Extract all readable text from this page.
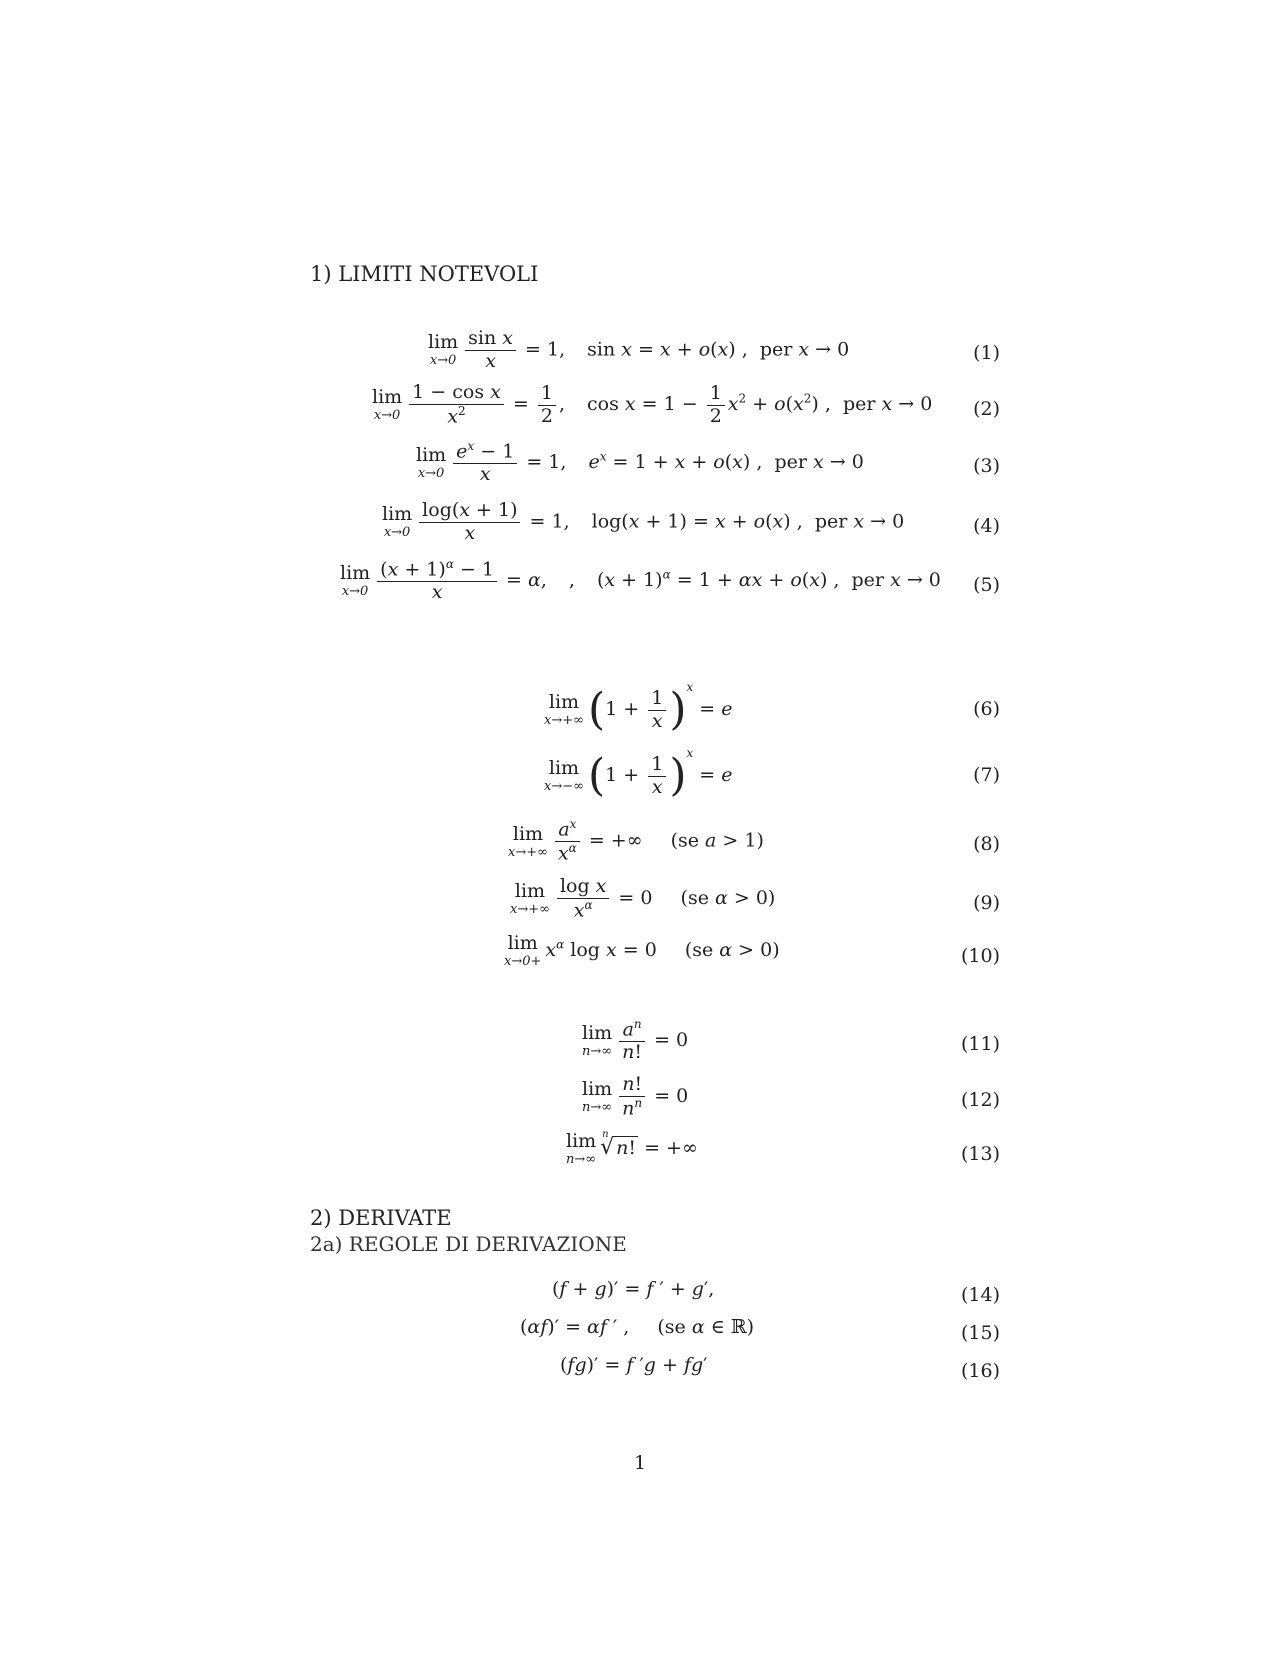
1) LIMITI NOTEVOLI
lim
$x\to 0 \frac{\text{sin x}}{x} = 1$, sin x = x + o(x) ,  per x → 0	(1)
lim
$x\to 0 \frac{\text{1 − cos x}}{x^2} = \frac{1}{2}$ , $\cos x = 1 - \frac{1}{2} x^2 + o(x^2)$ ,  per x → 0 (2)
lim
$x\to 0 \frac{e^x - 1}{x} = 1$, $e^x = 1 + x + o(x)$ ,  per x → 0	(3)
lim
$x\to 0 \frac{\log(x + 1)}{x} = 1$, log(x + 1) = x + o(x) ,  per x → 0	(4)
lim
$x\to 0 \frac{(x + 1)^\alpha - 1}{x} = \alpha$, , $(x + 1)^\alpha = 1 + \alpha x + o(x)$ ,  per x → 0 (5)
lim
x→+∞ $(1 + \frac{1}{x} )^x = e$	(6)
lim
x→−∞ $(1 + \frac{1}{x} )^x = e$	(7)
lim
$x\to+\infty \frac{a^x}{x^\alpha}$ = +∞ (se a > 1)	(8)
lim
$x\to+\infty \frac{\text{log x}}{x^\alpha} = 0$ (se α > 0)	(9)
lim
x→0+
$x^\alpha$ log x = 0 (se α > 0)	(10)
lim
$n\to\infty \frac{a^n}{n!} = 0$	(11)
lim
$n\to\infty \frac{n!}{n^n} = 0$	(12)
lim
n→∞
√ n
n! = +∞	(13)
2) DERIVATE
2a) REGOLE DI DERIVAZIONE
(f + g)′ = f ′ + g′,	(14)
(αf)′ = αf ′ , (se α ∈ ℝ)	(15)
(fg)′ = f ′g + fg′	(16)
1
